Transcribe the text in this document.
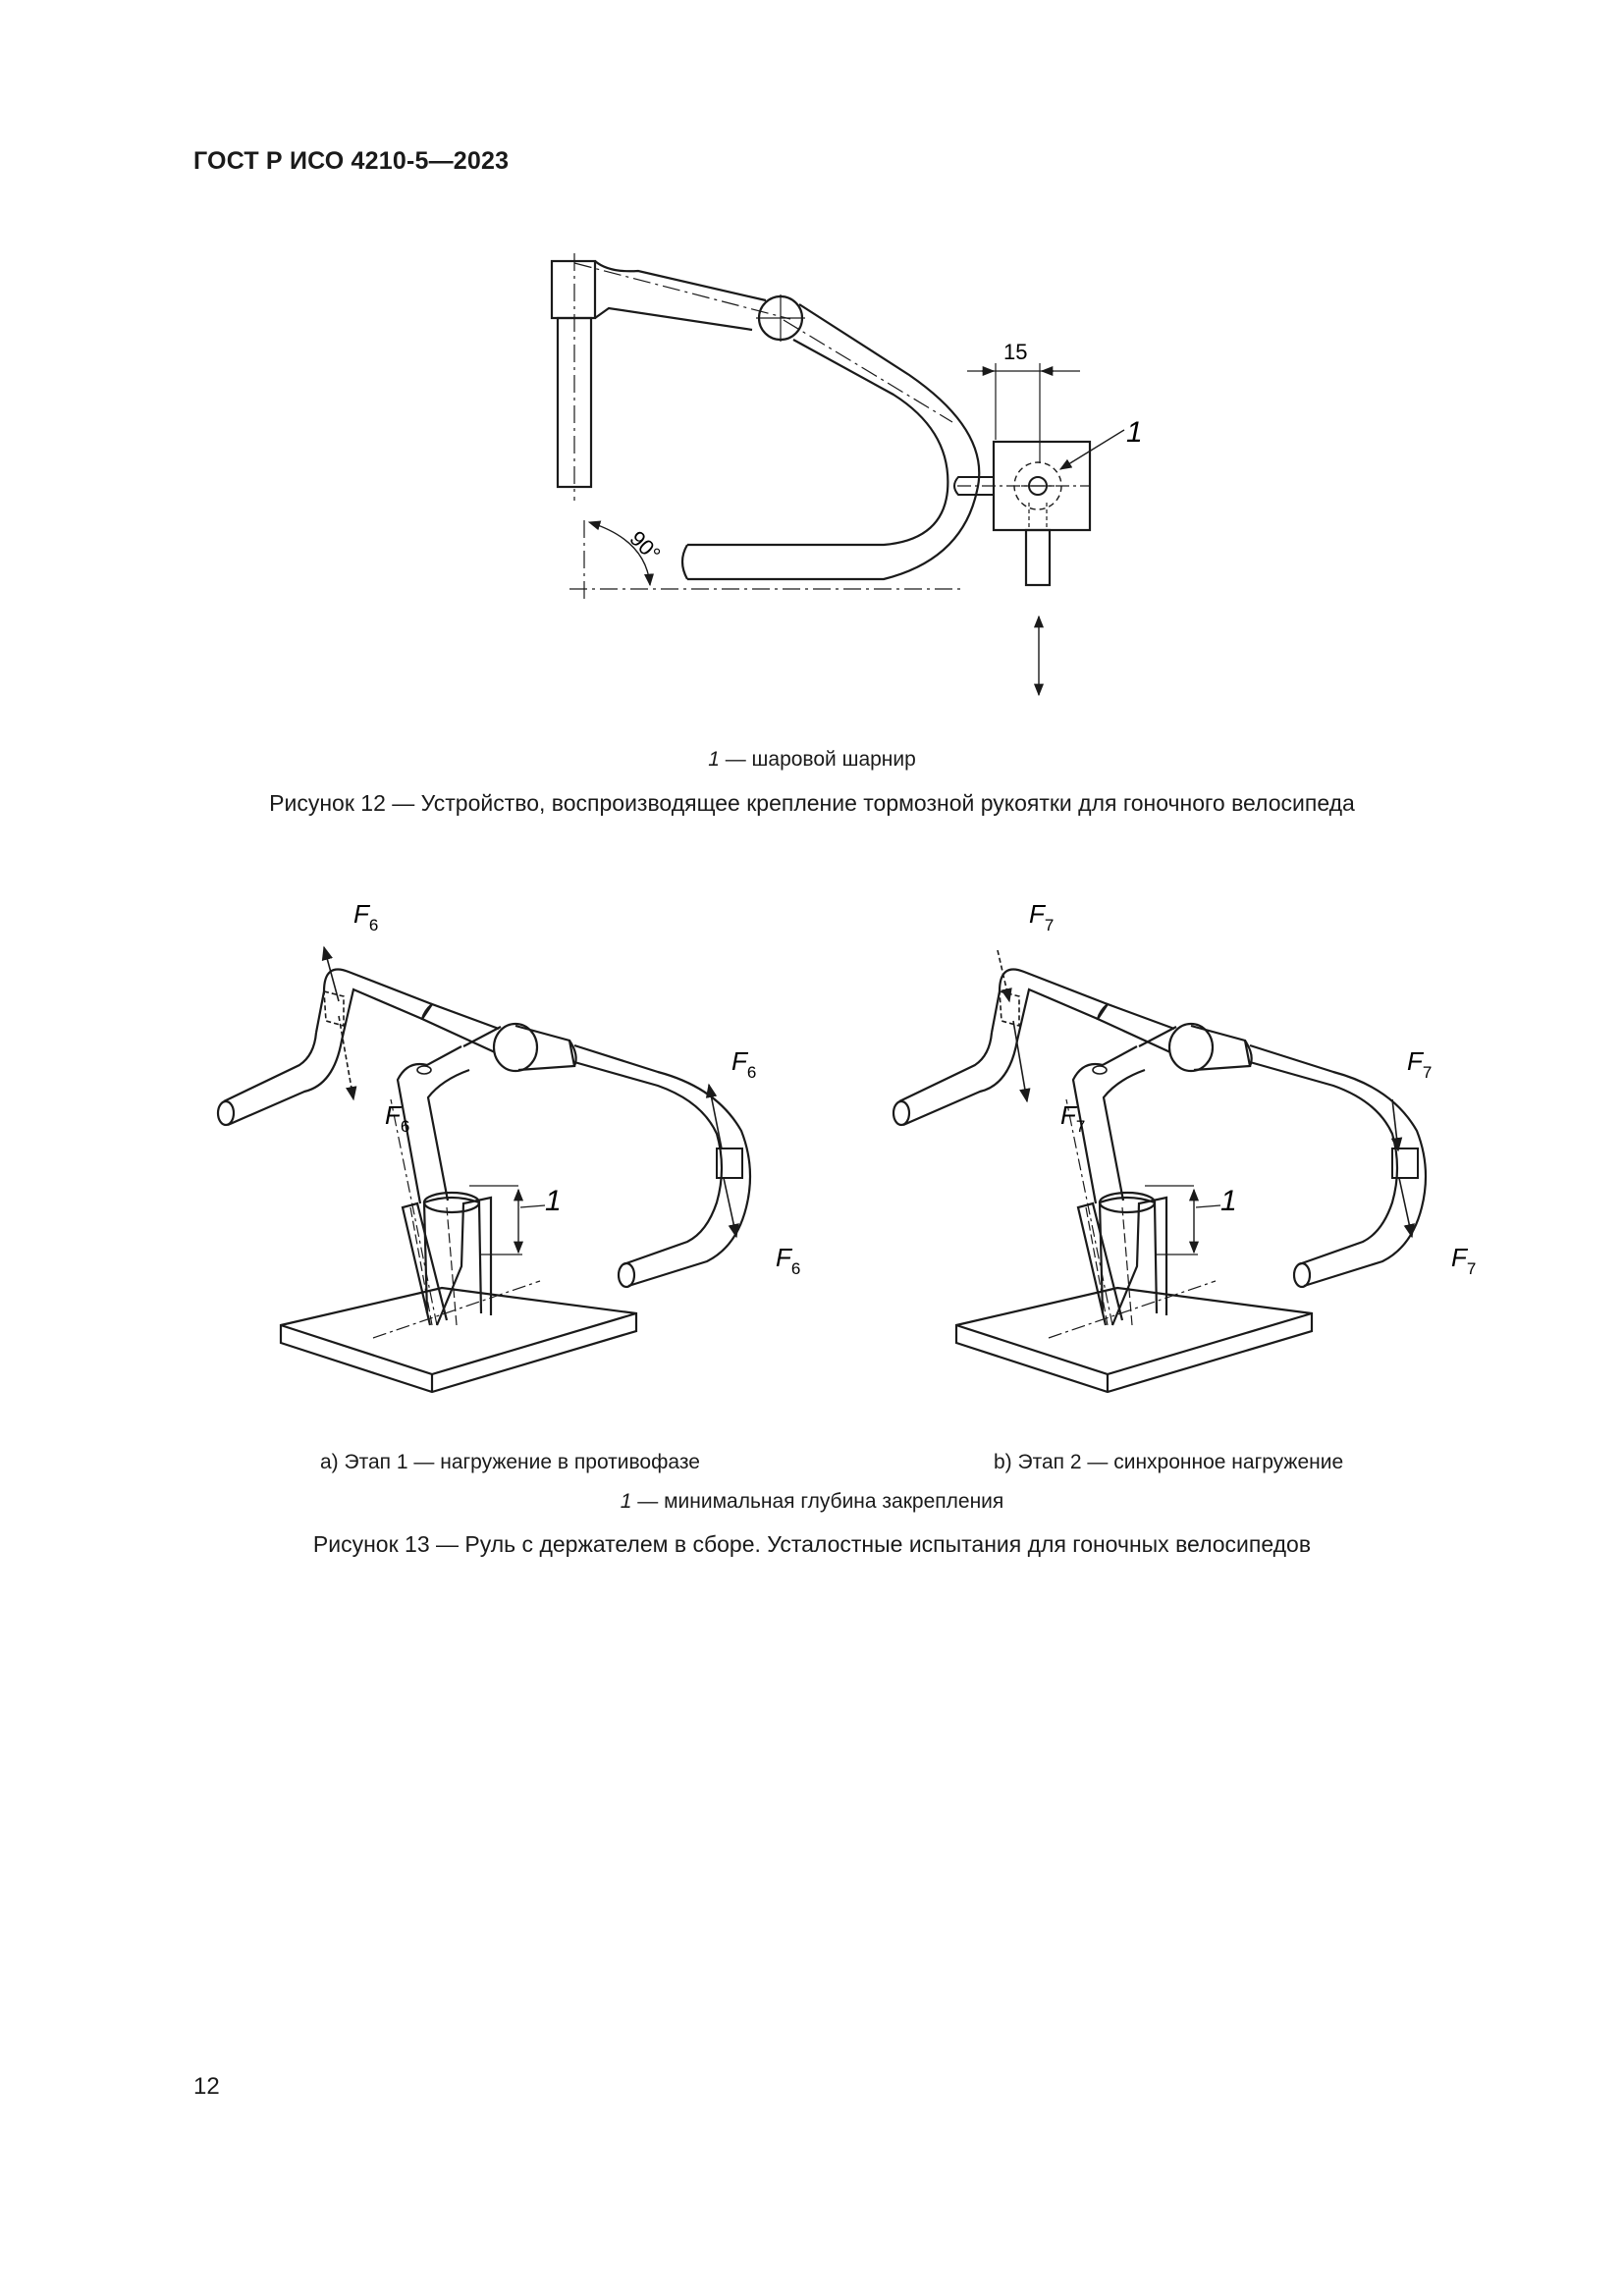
ГОСТ Р ИСО 4210-5—2023
90°
15
1
1 — шаровой шарнир
Рисунок 12 — Устройство, воспроизводящее крепление тормозной рукоятки для гоночного велосипеда
$F_6$
$F_6$
$F_6$
$F_6$
1
$F_7$
$F_7$
$F_7$
$F_7$
1
a) Этап 1 — нагружение в противофазе	b) Этап 2 — синхронное нагружение
1 — минимальная глубина закрепления
Рисунок 13 — Руль с держателем в сборе. Усталостные испытания для гоночных велосипедов
12
